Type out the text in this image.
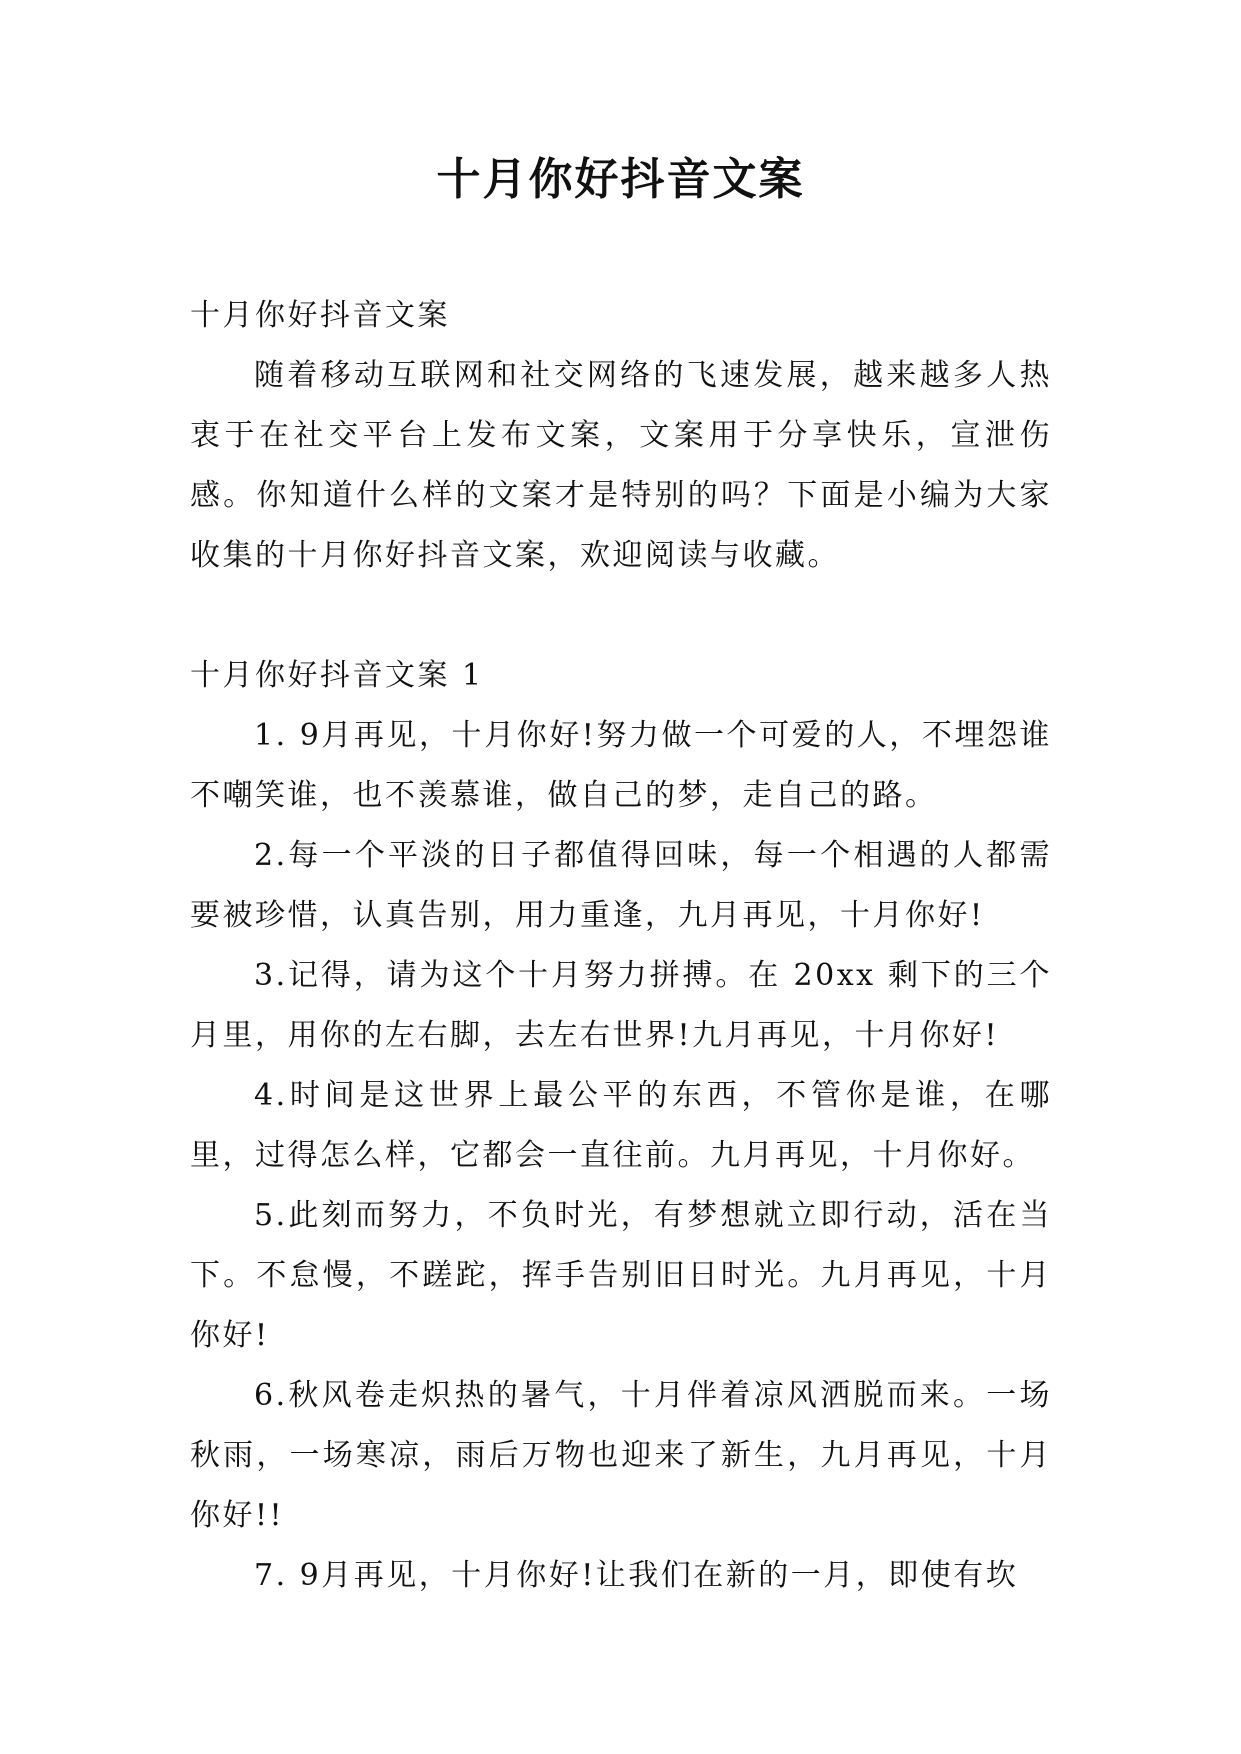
十月你好抖音文案

十月你好抖音文案

随着移动互联网和社交网络的飞速发展，越来越多人热衷于在社交平台上发布文案，文案用于分享快乐，宣泄伤感。你知道什么样的文案才是特别的吗？下面是小编为大家收集的十月你好抖音文案，欢迎阅读与收藏。

十月你好抖音文案 1

1. 9月再见，十月你好!努力做一个可爱的人，不埋怨谁不嘲笑谁，也不羡慕谁，做自己的梦，走自己的路。

2.每一个平淡的日子都值得回味，每一个相遇的人都需要被珍惜，认真告别，用力重逢，九月再见，十月你好!

3.记得，请为这个十月努力拼搏。在 20xx 剩下的三个月里，用你的左右脚，去左右世界!九月再见，十月你好!

4.时间是这世界上最公平的东西，不管你是谁，在哪里，过得怎么样，它都会一直往前。九月再见，十月你好。

5.此刻而努力，不负时光，有梦想就立即行动，活在当下。不怠慢，不蹉跎，挥手告别旧日时光。九月再见，十月你好!

6.秋风卷走炽热的暑气，十月伴着凉风洒脱而来。一场秋雨，一场寒凉，雨后万物也迎来了新生，九月再见，十月你好!!

7. 9月再见，十月你好!让我们在新的一月，即使有坎
